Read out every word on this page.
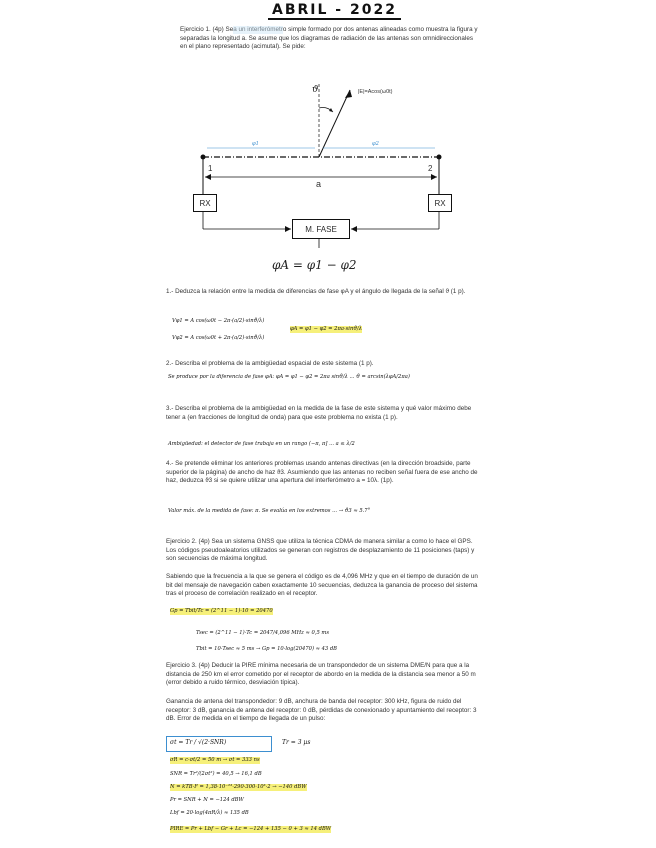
ABRIL - 2022
Ejercicio 1. (4p) Sea un interferómetro simple formado por dos antenas alineadas como muestra la figura y separadas la longitud a. Se asume que los diagramas de radiación de las antenas son omnidireccionales en el plano representado (acimutal). Se pide:
ϑ	|E|=Acos(ω0t)
φ1	φ2
1	2
a
RX	RX
M. FASE
φA = φ1 − φ2
1.- Deduzca la relación entre la medida de diferencias de fase φA y el ángulo de llegada de la señal ϑ (1 p).
Vφ1 = A cos(ω0t − 2π·(a/2)·sinϑ/λ)
Vφ2 = A cos(ω0t + 2π·(a/2)·sinϑ/λ)
φA = φ1 − φ2 = 2πa·sinϑ/λ
2.- Describa el problema de la ambigüedad espacial de este sistema (1 p).
Se produce por la diferencia de fase φA: φA = φ1 − φ2 = 2πa sinϑ/λ ... ϑ = arcsin(λφA/2πa)
3.- Describa el problema de la ambigüedad en la medida de la fase de este sistema y qué valor máximo debe tener a (en fracciones de longitud de onda) para que este problema no exista (1 p).
Ambigüedad: el detector de fase trabaja en un rango (−π, π] ... a ≤ λ/2
4.- Se pretende eliminar los anteriores problemas usando antenas directivas (en la dirección broadside, parte superior de la página) de ancho de haz ϑ3. Asumiendo que las antenas no reciben señal fuera de ese ancho de haz, deduzca ϑ3 si se quiere utilizar una apertura del interferómetro a = 10λ. (1p).
Valor máx. de la medida de fase: π. Se evalúa en los extremos ... → ϑ3 ≈ 5.7°
Ejercicio 2. (4p) Sea un sistema GNSS que utiliza la técnica CDMA de manera similar a como lo hace el GPS. Los códigos pseudoaleatorios utilizados se generan con registros de desplazamiento de 11 posiciones (taps) y son secuencias de máxima longitud.
Sabiendo que la frecuencia a la que se genera el código es de 4,096 MHz y que en el tiempo de duración de un bit del mensaje de navegación caben exactamente 10 secuencias, deduzca la ganancia de proceso del sistema tras el proceso de correlación realizado en el receptor.
Gp = Tbit/Tc = (2^11 − 1)·10 = 20470
Tsec = (2^11 − 1)·Tc = 2047/4,096 MHz ≈ 0,5 ms
Tbit = 10·Tsec ≈ 5 ms → Gp = 10·log(20470) ≈ 43 dB
Ejercicio 3. (4p) Deducir la PIRE mínima necesaria de un transpondedor de un sistema DME/N para que a la distancia de 250 km el error cometido por el receptor de abordo en la medida de la distancia sea menor a 50 m (error debido a ruido térmico, desviación típica).
Ganancia de antena del transpondedor: 9 dB, anchura de banda del receptor: 300 kHz, figura de ruido del receptor: 3 dB, ganancia de antena del receptor: 0 dB, pérdidas de conexionado y apuntamiento del receptor: 3 dB. Error de medida en el tiempo de llegada de un pulso:
σt = Tr / √(2·SNR)	Tr = 3 µs
σR = c·σt/2 = 50 m → σt = 333 ns
SNR = Tr²/(2σt²) = 40,5 → 16,1 dB
N = kTB·F = 1,38·10⁻²³·290·300·10³·2 → −140 dBW
Pr = SNR + N = −124 dBW
Lbf = 20·log(4πR/λ) ≈ 135 dB
PIRE = Pr + Lbf − Gr + Lc = −124 + 135 − 0 + 3 ≈ 14 dBW
